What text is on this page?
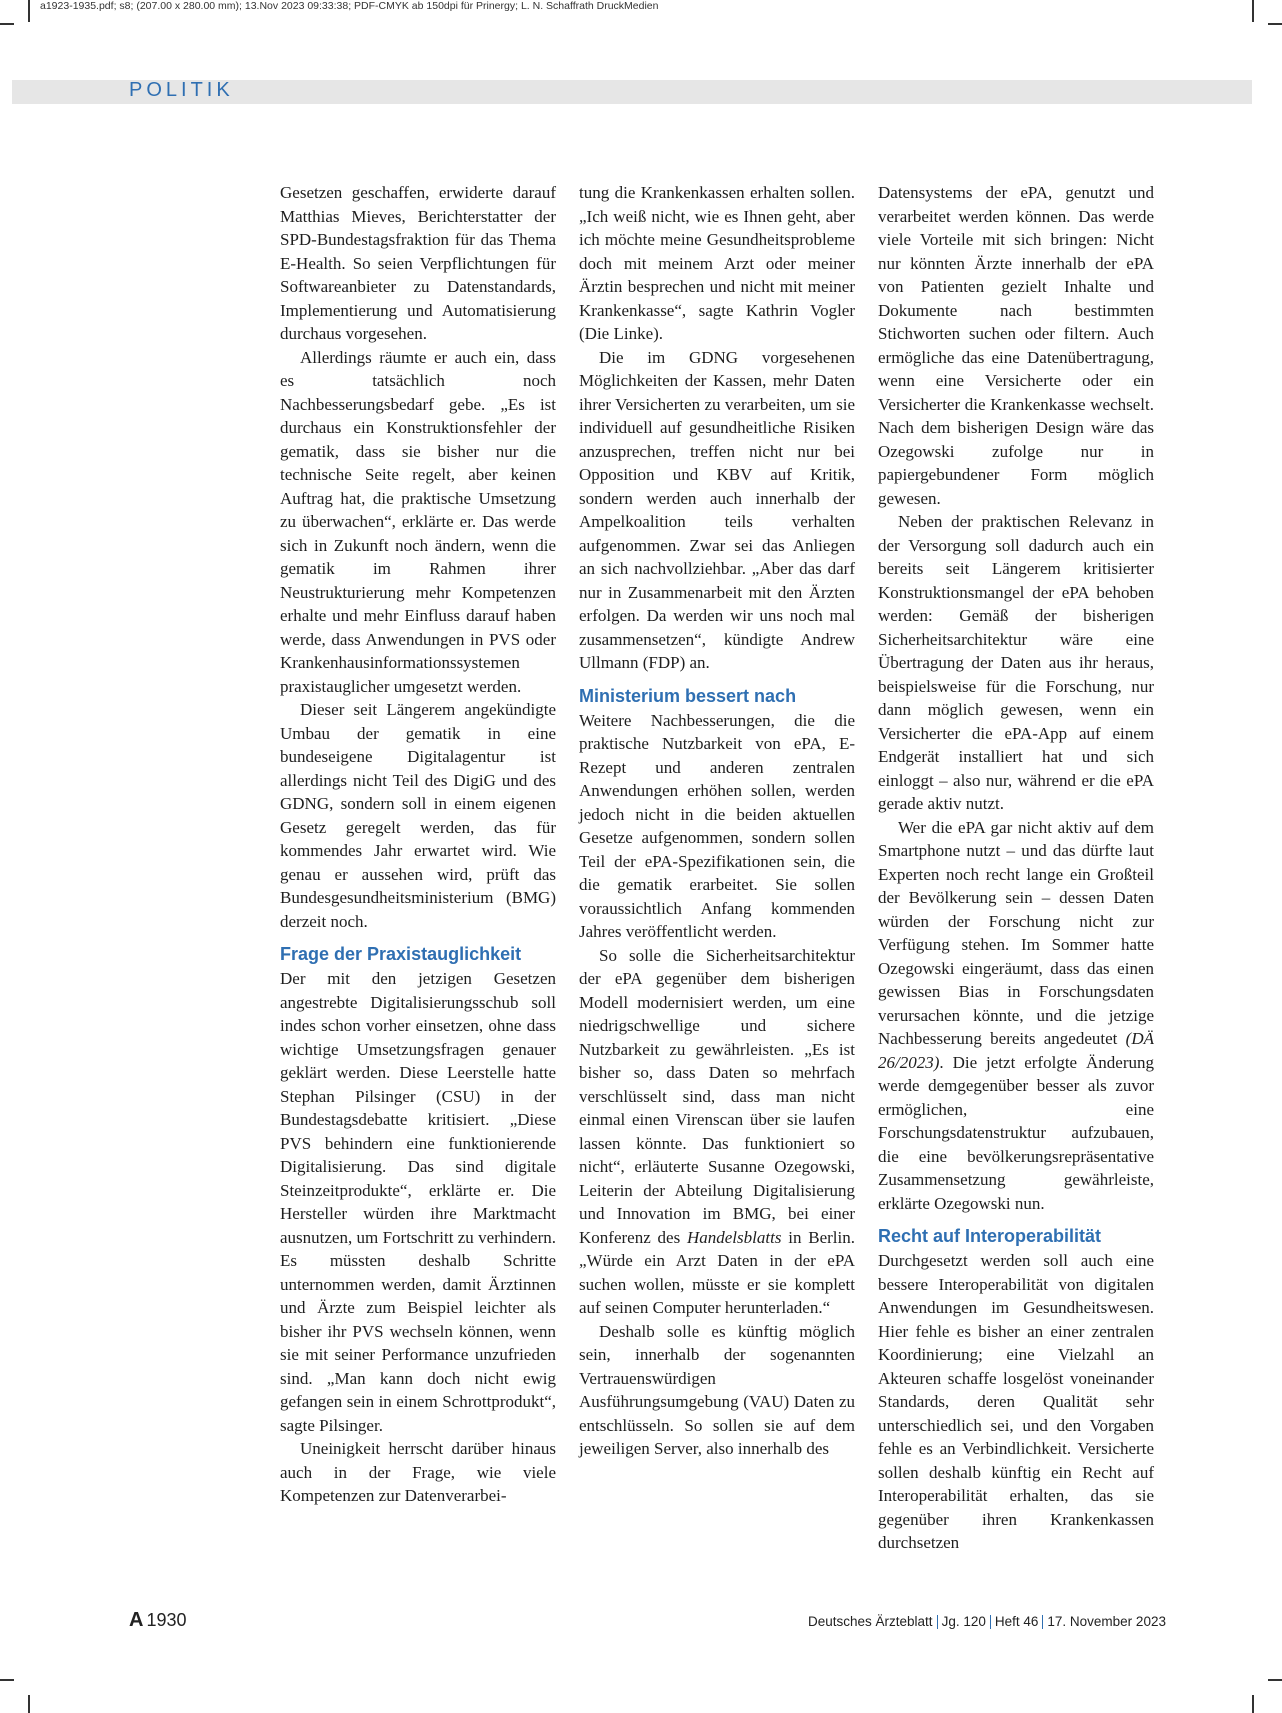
a1923-1935.pdf; s8; (207.00 x 280.00 mm); 13.Nov 2023 09:33:38; PDF-CMYK ab 150dpi für Prinergy; L. N. Schaffrath DruckMedien
POLITIK

Gesetzen geschaffen, erwiderte darauf Matthias Mieves, Berichterstatter der SPD-Bundestagsfraktion für das Thema E-Health. So seien Verpflichtungen für Softwareanbieter zu Datenstandards, Implementierung und Automatisierung durchaus vorgesehen.

Allerdings räumte er auch ein, dass es tatsächlich noch Nachbesserungsbedarf gebe. „Es ist durchaus ein Konstruktionsfehler der gematik, dass sie bisher nur die technische Seite regelt, aber keinen Auftrag hat, die praktische Umsetzung zu überwachen“, erklärte er. Das werde sich in Zukunft noch ändern, wenn die gematik im Rahmen ihrer Neustrukturierung mehr Kompetenzen erhalte und mehr Einfluss darauf haben werde, dass Anwendungen in PVS oder Krankenhausinformationssystemen praxistauglicher umgesetzt werden.

Dieser seit Längerem angekündigte Umbau der gematik in eine bundeseigene Digitalagentur ist allerdings nicht Teil des DigiG und des GDNG, sondern soll in einem eigenen Gesetz geregelt werden, das für kommendes Jahr erwartet wird. Wie genau er aussehen wird, prüft das Bundesgesundheitsministerium (BMG) derzeit noch.

Frage der Praxistauglichkeit

Der mit den jetzigen Gesetzen angestrebte Digitalisierungsschub soll indes schon vorher einsetzen, ohne dass wichtige Umsetzungsfragen genauer geklärt werden. Diese Leerstelle hatte Stephan Pilsinger (CSU) in der Bundestagsdebatte kritisiert. „Diese PVS behindern eine funktionierende Digitalisierung. Das sind digitale Steinzeitprodukte“, erklärte er. Die Hersteller würden ihre Marktmacht ausnutzen, um Fortschritt zu verhindern. Es müssten deshalb Schritte unternommen werden, damit Ärztinnen und Ärzte zum Beispiel leichter als bisher ihr PVS wechseln können, wenn sie mit seiner Performance unzufrieden sind. „Man kann doch nicht ewig gefangen sein in einem Schrottprodukt“, sagte Pilsinger.

Uneinigkeit herrscht darüber hinaus auch in der Frage, wie viele Kompetenzen zur Datenverarbei-

tung die Krankenkassen erhalten sollen. „Ich weiß nicht, wie es Ihnen geht, aber ich möchte meine Gesundheitsprobleme doch mit meinem Arzt oder meiner Ärztin besprechen und nicht mit meiner Krankenkasse“, sagte Kathrin Vogler (Die Linke).

Die im GDNG vorgesehenen Möglichkeiten der Kassen, mehr Daten ihrer Versicherten zu verarbeiten, um sie individuell auf gesundheitliche Risiken anzusprechen, treffen nicht nur bei Opposition und KBV auf Kritik, sondern werden auch innerhalb der Ampelkoalition teils verhalten aufgenommen. Zwar sei das Anliegen an sich nachvollziehbar. „Aber das darf nur in Zusammenarbeit mit den Ärzten erfolgen. Da werden wir uns noch mal zusammensetzen“, kündigte Andrew Ullmann (FDP) an.

Ministerium bessert nach

Weitere Nachbesserungen, die die praktische Nutzbarkeit von ePA, E-Rezept und anderen zentralen Anwendungen erhöhen sollen, werden jedoch nicht in die beiden aktuellen Gesetze aufgenommen, sondern sollen Teil der ePA-Spezifikationen sein, die die gematik erarbeitet. Sie sollen voraussichtlich Anfang kommenden Jahres veröffentlicht werden.

So solle die Sicherheitsarchitektur der ePA gegenüber dem bisherigen Modell modernisiert werden, um eine niedrigschwellige und sichere Nutzbarkeit zu gewährleisten. „Es ist bisher so, dass Daten so mehrfach verschlüsselt sind, dass man nicht einmal einen Virenscan über sie laufen lassen könnte. Das funktioniert so nicht“, erläuterte Susanne Ozegowski, Leiterin der Abteilung Digitalisierung und Innovation im BMG, bei einer Konferenz des Handelsblatts in Berlin. „Würde ein Arzt Daten in der ePA suchen wollen, müsste er sie komplett auf seinen Computer herunterladen.“

Deshalb solle es künftig möglich sein, innerhalb der sogenannten Vertrauenswürdigen Ausführungsumgebung (VAU) Daten zu entschlüsseln. So sollen sie auf dem jeweiligen Server, also innerhalb des

Datensystems der ePA, genutzt und verarbeitet werden können. Das werde viele Vorteile mit sich bringen: Nicht nur könnten Ärzte innerhalb der ePA von Patienten gezielt Inhalte und Dokumente nach bestimmten Stichworten suchen oder filtern. Auch ermögliche das eine Datenübertragung, wenn eine Versicherte oder ein Versicherter die Krankenkasse wechselt. Nach dem bisherigen Design wäre das Ozegowski zufolge nur in papiergebundener Form möglich gewesen.

Neben der praktischen Relevanz in der Versorgung soll dadurch auch ein bereits seit Längerem kritisierter Konstruktionsmangel der ePA behoben werden: Gemäß der bisherigen Sicherheitsarchitektur wäre eine Übertragung der Daten aus ihr heraus, beispielsweise für die Forschung, nur dann möglich gewesen, wenn ein Versicherter die ePA-App auf einem Endgerät installiert hat und sich einloggt – also nur, während er die ePA gerade aktiv nutzt.

Wer die ePA gar nicht aktiv auf dem Smartphone nutzt – und das dürfte laut Experten noch recht lange ein Großteil der Bevölkerung sein – dessen Daten würden der Forschung nicht zur Verfügung stehen. Im Sommer hatte Ozegowski eingeräumt, dass das einen gewissen Bias in Forschungsdaten verursachen könnte, und die jetzige Nachbesserung bereits angedeutet (DÄ 26/2023). Die jetzt erfolgte Änderung werde demgegenüber besser als zuvor ermöglichen, eine Forschungsdatenstruktur aufzubauen, die eine bevölkerungsrepräsentative Zusammensetzung gewährleiste, erklärte Ozegowski nun.

Recht auf Interoperabilität

Durchgesetzt werden soll auch eine bessere Interoperabilität von digitalen Anwendungen im Gesundheitswesen. Hier fehle es bisher an einer zentralen Koordinierung; eine Vielzahl an Akteuren schaffe losgelöst voneinander Standards, deren Qualität sehr unterschiedlich sei, und den Vorgaben fehle es an Verbindlichkeit. Versicherte sollen deshalb künftig ein Recht auf Interoperabilität erhalten, das sie gegenüber ihren Krankenkassen durchsetzen

A 1930	Deutsches Ärzteblatt Jg. 120 Heft 46 17. November 2023
